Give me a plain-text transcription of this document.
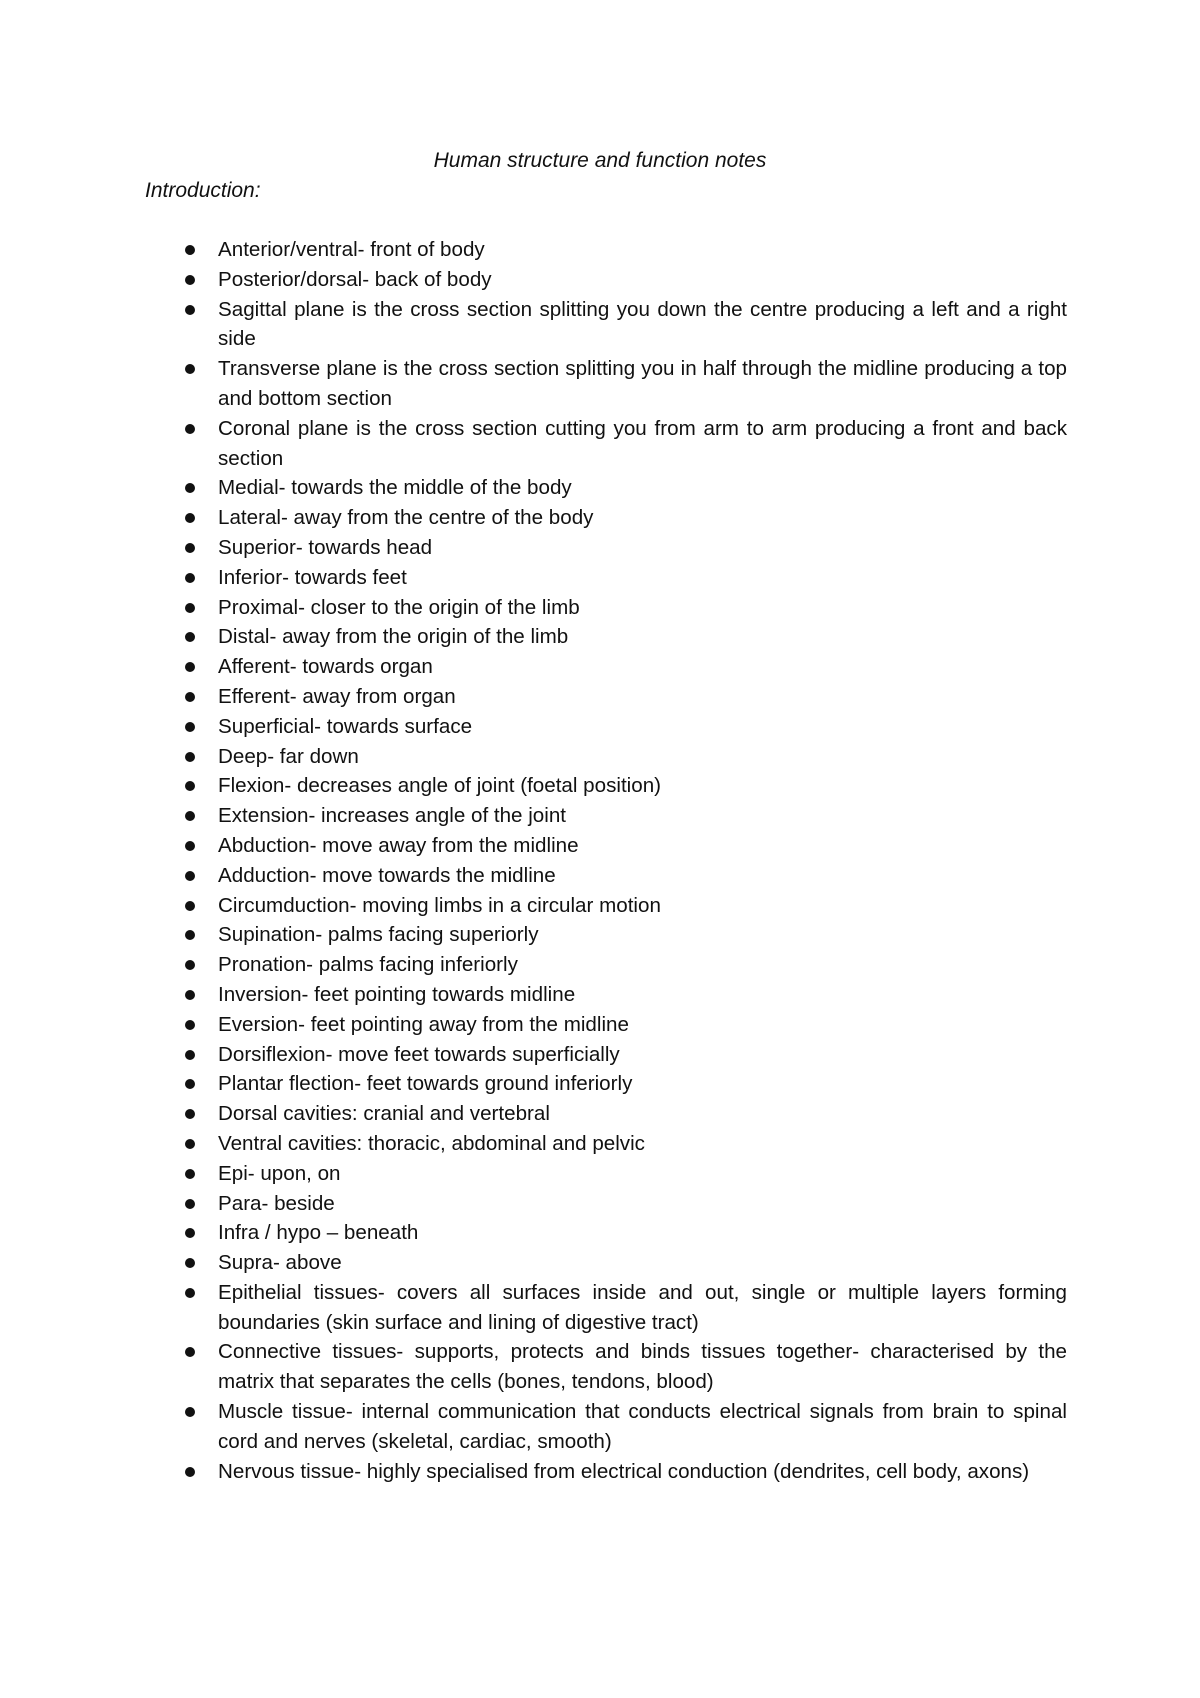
Human structure and function notes
Introduction:
Anterior/ventral- front of body
Posterior/dorsal- back of body
Sagittal plane is the cross section splitting you down the centre producing a left and a right side
Transverse plane is the cross section splitting you in half through the midline producing a top and bottom section
Coronal plane is the cross section cutting you from arm to arm producing a front and back section
Medial- towards the middle of the body
Lateral- away from the centre of the body
Superior- towards head
Inferior- towards feet
Proximal- closer to the origin of the limb
Distal- away from the origin of the limb
Afferent- towards organ
Efferent- away from organ
Superficial- towards surface
Deep- far down
Flexion- decreases angle of joint (foetal position)
Extension- increases angle of the joint
Abduction- move away from the midline
Adduction- move towards the midline
Circumduction- moving limbs in a circular motion
Supination- palms facing superiorly
Pronation- palms facing inferiorly
Inversion- feet pointing towards midline
Eversion- feet pointing away from the midline
Dorsiflexion- move feet towards superficially
Plantar flection- feet towards ground inferiorly
Dorsal cavities: cranial and vertebral
Ventral cavities: thoracic, abdominal and pelvic
Epi- upon, on
Para- beside
Infra / hypo – beneath
Supra- above
Epithelial tissues- covers all surfaces inside and out, single or multiple layers forming boundaries (skin surface and lining of digestive tract)
Connective tissues- supports, protects and binds tissues together- characterised by the matrix that separates the cells (bones, tendons, blood)
Muscle tissue- internal communication that conducts electrical signals from brain to spinal cord and nerves (skeletal, cardiac, smooth)
Nervous tissue- highly specialised from electrical conduction (dendrites, cell body, axons)
